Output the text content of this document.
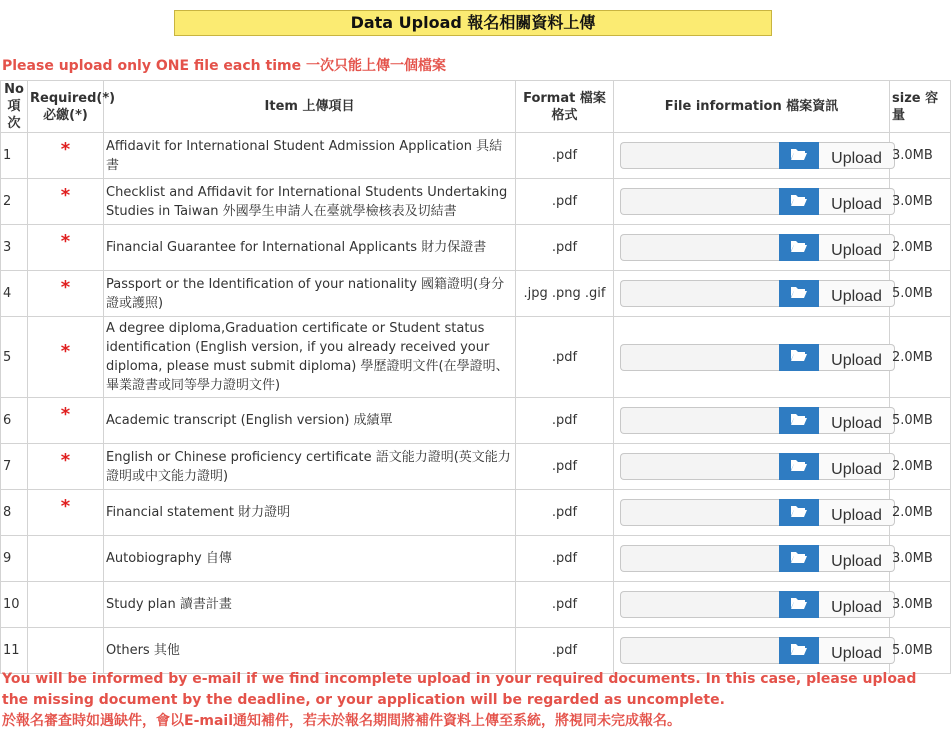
Data Upload 報名相關資料上傳
Please upload only ONE file each time 一次只能上傳一個檔案
No 項次	Required(*) 必繳(*)	Item 上傳項目	Format 檔案格式	File information 檔案資訊	size 容量
1	*	Affidavit for International Student Admission Application 具結書	.pdf	Upload	3.0MB
2	*	Checklist and Affidavit for International Students Undertaking Studies in Taiwan 外國學生申請人在臺就學檢核表及切結書	.pdf	Upload	3.0MB
3	*	Financial Guarantee for International Applicants 財力保證書	.pdf	Upload	2.0MB
4	*	Passport or the Identification of your nationality 國籍證明(身分證或護照)	.jpg .png .gif	Upload	5.0MB
5	*	A degree diploma,Graduation certificate or Student status identification (English version, if you already received your diploma, please must submit diploma) 學歷證明文件(在學證明、畢業證書或同等學力證明文件)	.pdf	Upload	2.0MB
6	*	Academic transcript (English version) 成績單	.pdf	Upload	5.0MB
7	*	English or Chinese proficiency certificate 語文能力證明(英文能力證明或中文能力證明)	.pdf	Upload	2.0MB
8	*	Financial statement 財力證明	.pdf	Upload	2.0MB
9		Autobiography 自傳	.pdf	Upload	3.0MB
10		Study plan 讀書計畫	.pdf	Upload	3.0MB
11		Others 其他	.pdf	Upload	5.0MB
You will be informed by e-mail if we find incomplete upload in your required documents. In this case, please upload the missing document by the deadline, or your application will be regarded as uncomplete.
於報名審查時如遇缺件，會以E-mail通知補件，若未於報名期間將補件資料上傳至系統，將視同未完成報名。
